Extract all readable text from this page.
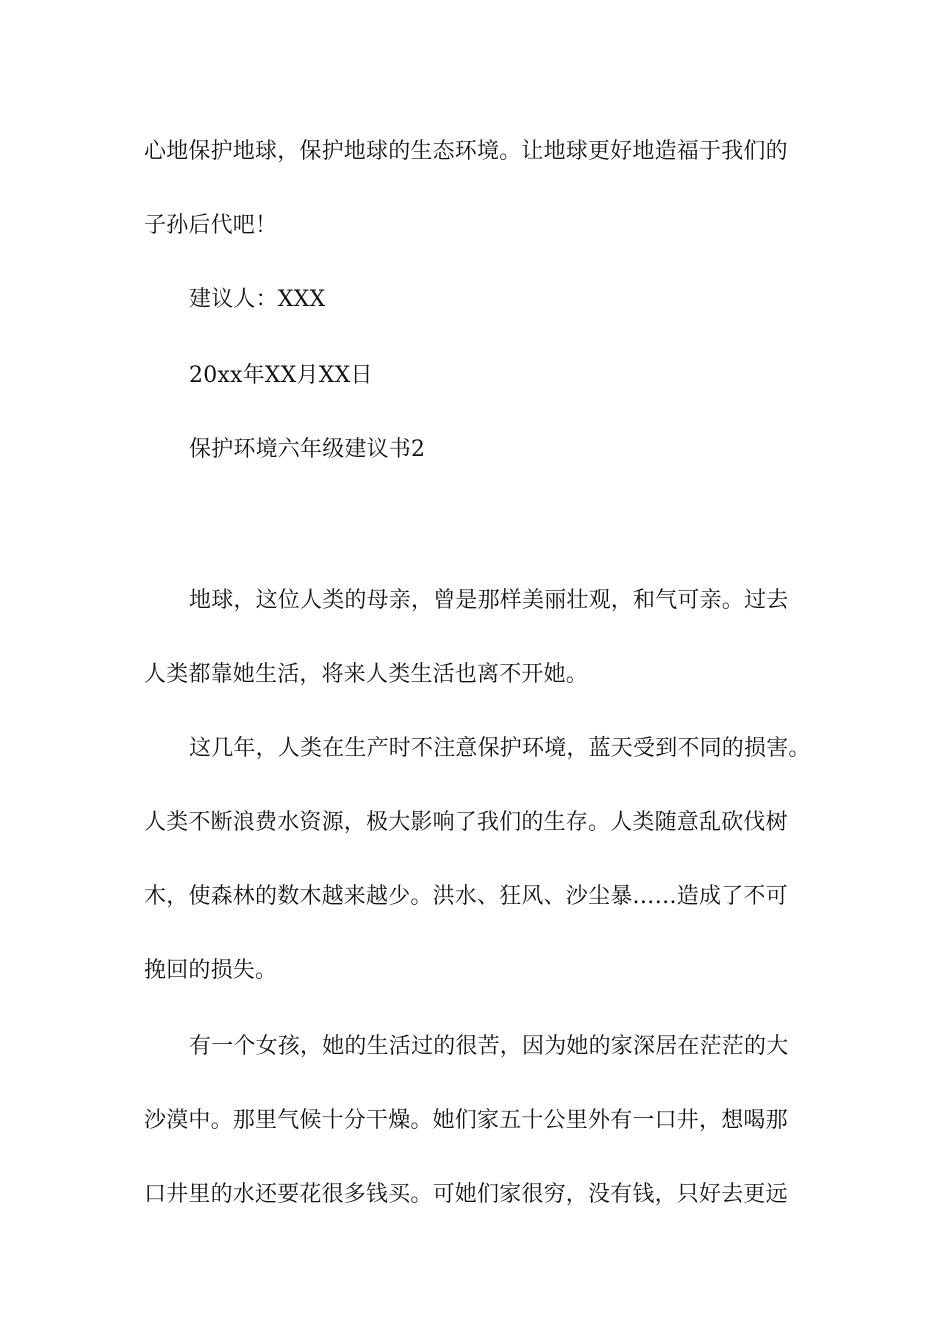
心地保护地球，保护地球的生态环境。让地球更好地造福于我们的
子孙后代吧！
建议人：XXX
20xx年XX月XX日
保护环境六年级建议书2
地球，这位人类的母亲，曾是那样美丽壮观，和气可亲。过去
人类都靠她生活，将来人类生活也离不开她。
这几年，人类在生产时不注意保护环境，蓝天受到不同的损害。
人类不断浪费水资源，极大影响了我们的生存。人类随意乱砍伐树
木，使森林的数木越来越少。洪水、狂风、沙尘暴……造成了不可
挽回的损失。
有一个女孩，她的生活过的很苦，因为她的家深居在茫茫的大
沙漠中。那里气候十分干燥。她们家五十公里外有一口井，想喝那
口井里的水还要花很多钱买。可她们家很穷，没有钱，只好去更远
